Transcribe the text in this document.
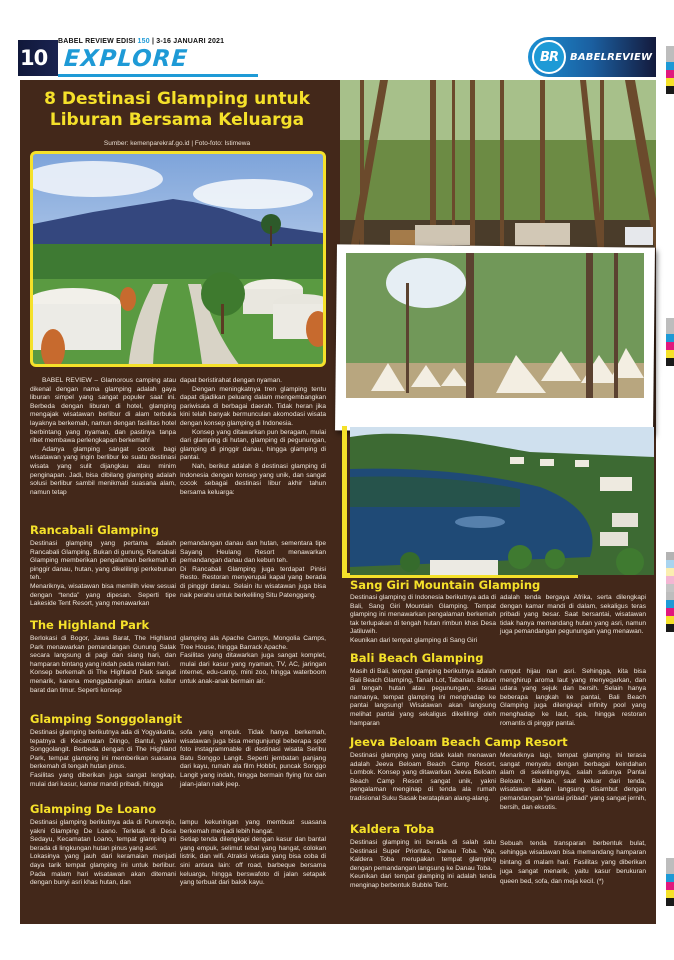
10
BABEL REVIEW EDISI 150 | 3-16 JANUARI 2021
EXPLORE	BR	BABELREVIEW
8 Destinasi Glamping untuk Liburan Bersama Keluarga
Sumber: kemenparekraf.go.id | Foto-foto: Istimewa

BABEL REVIEW – Glamorous camping atau dikenal dengan nama glamping adalah gaya liburan simpel yang sangat populer saat ini. Berbeda dengan liburan di hotel, glamping mengajak wisatawan berlibur di alam terbuka layaknya berkemah, namun dengan fasilitas hotel berbintang yang nyaman, dan pastinya tanpa ribet membawa perlengkapan berkemah!

Adanya glamping sangat cocok bagi wisatawan yang ingin berlibur ke suatu destinasi wisata yang sulit dijangkau atau minim penginapan. Jadi, bisa dibilang glamping adalah solusi berlibur sambil menikmati suasana alam, namun tetap

dapat beristirahat dengan nyaman.

Dengan meningkatnya tren glamping tentu dapat dijadikan peluang dalam mengembangkan pariwisata di berbagai daerah. Tidak heran jika kini telah banyak bermunculan akomodasi wisata dengan konsep glamping di Indonesia.

Konsep yang ditawarkan pun beragam, mulai dari glamping di hutan, glamping di pegunungan, glamping di pinggir danau, hingga glamping di pantai.

Nah, berikut adalah 8 destinasi glamping di Indonesia dengan konsep yang unik, dan sangat cocok sebagai destinasi libur akhir tahun bersama keluarga:

Rancabali Glamping

Destinasi glamping yang pertama adalah Rancabali Glamping. Bukan di gunung, Rancabali Glamping memberikan pengalaman berkemah di pinggir danau, hutan, yang dikelilingi perkebunan teh.

Menariknya, wisatawan bisa memilih view sesuai dengan “tenda” yang dipesan. Seperti tipe Lakeside Tent Resort, yang menawarkan

pemandangan danau dan hutan, sementara tipe Sayang Heulang Resort menawarkan pemandangan danau dan kebun teh.

Di Rancabali Glamping juga terdapat Pinisi Resto. Restoran menyerupai kapal yang berada di pinggir danau. Selain itu wisatawan juga bisa naik perahu untuk berkeliling Situ Patenggang.

The Highland Park

Berlokasi di Bogor, Jawa Barat, The Highland Park menawarkan pemandangan Gunung Salak secara langsung di pagi dan siang hari, dan hamparan bintang yang indah pada malam hari.

Konsep berkemah di The Highland Park sangat menarik, karena menggabungkan antara kultur barat dan timur. Seperti konsep

glamping ala Apache Camps, Mongolia Camps, Tree House, hingga Barrack Apache.

Fasilitas yang ditawarkan juga sangat komplet, mulai dari kasur yang nyaman, TV, AC, jaringan internet, edu-camp, mini zoo, hingga waterboom untuk anak-anak bermain air.

Glamping Songgolangit

Destinasi glamping berikutnya ada di Yogyakarta, tepatnya di Kecamatan Dlingo, Bantul, yakni Songgolangit. Berbeda dengan di The Highland Park, tempat glamping ini memberikan suasana berkemah di tengah hutan pinus.

Fasilitas yang diberikan juga sangat lengkap, mulai dari kasur, kamar mandi pribadi, hingga

sofa yang empuk. Tidak hanya berkemah, wisatawan juga bisa mengunjungi beberapa spot foto instagrammable di destinasi wisata Seribu Batu Songgo Langit. Seperti jembatan panjang dari kayu, rumah ala film Hobbit, puncak Songgo Langit yang indah, hingga bermain flying fox dan jalan-jalan naik jeep.

Glamping De Loano

Destinasi glamping berikutnya ada di Purworejo, yakni Glamping De Loano. Terletak di Desa Sedayu, Kecamatan Loano, tempat glamping ini berada di lingkungan hutan pinus yang asri.

Lokasinya yang jauh dari keramaian menjadi daya tarik tempat glamping ini untuk berlibur. Pada malam hari wisatawan akan ditemani dengan bunyi asri khas hutan, dan

lampu kekuningan yang membuat suasana berkemah menjadi lebih hangat.

Setiap tenda dilengkapi dengan kasur dan bantal yang empuk, selimut tebal yang hangat, colokan listrik, dan wifi. Atraksi wisata yang bisa coba di sini antara lain: off road, barbeque bersama keluarga, hingga berswafoto di jalan setapak yang terbuat dari balok kayu.

Sang Giri Mountain Glamping

Destinasi glamping di Indonesia berikutnya ada di Bali, Sang Giri Mountain Glamping. Tempat glamping ini menawarkan pengalaman berkemah tak terlupakan di tengah hutan rimbun khas Desa Jatiluwih.

Keunikan dari tempat glamping di Sang Giri

adalah tenda bergaya Afrika, serta dilengkapi dengan kamar mandi di dalam, sekaligus teras pribadi yang besar. Saat bersantai, wisatawan tidak hanya memandang hutan yang asri, namun juga pemandangan pegunungan yang menawan.

Bali Beach Glamping

Masih di Bali, tempat glamping berikutnya adalah Bali Beach Glamping, Tanah Lot, Tabanan. Bukan di tengah hutan atau pegunungan, sesuai namanya, tempat glamping ini menghadap ke pantai langsung! Wisatawan akan langsung melihat pantai yang sekaligus dikelilingi oleh hamparan

rumput hijau nan asri. Sehingga, kita bisa menghirup aroma laut yang menyegarkan, dan udara yang sejuk dan bersih. Selain hanya beberapa langkah ke pantai, Bali Beach Glamping juga dilengkapi infinity pool yang menghadap ke laut, spa, hingga restoran romantis di pinggir pantai.

Jeeva Beloam Beach Camp Resort

Destinasi glamping yang tidak kalah menawan adalah Jeeva Beloam Beach Camp Resort, Lombok. Konsep yang ditawarkan Jeeva Beloam Beach Camp Resort sangat unik, yakni pengalaman menginap di tenda ala rumah tradisional Suku Sasak beratapkan alang-alang.

Menariknya lagi, tempat glamping ini terasa sangat menyatu dengan berbagai keindahan alam di sekelilingnya, salah satunya Pantai Beloam. Bahkan, saat keluar dari tenda, wisatawan akan langsung disambut dengan pemandangan “pantai pribadi” yang sangat jernih, bersih, dan eksotis.

Kaldera Toba

Destinasi glamping ini berada di salah satu Destinasi Super Prioritas, Danau Toba. Yap, Kaldera Toba merupakan tempat glamping dengan pemandangan langsung ke Danau Toba.

Keunikan dari tempat glamping ini adalah tenda menginap berbentuk Bubble Tent.

Sebuah tenda transparan berbentuk bulat, sehingga wisatawan bisa memandang hamparan bintang di malam hari. Fasilitas yang diberikan juga sangat menarik, yaitu kasur berukuran queen bed, sofa, dan meja kecil. (*)
